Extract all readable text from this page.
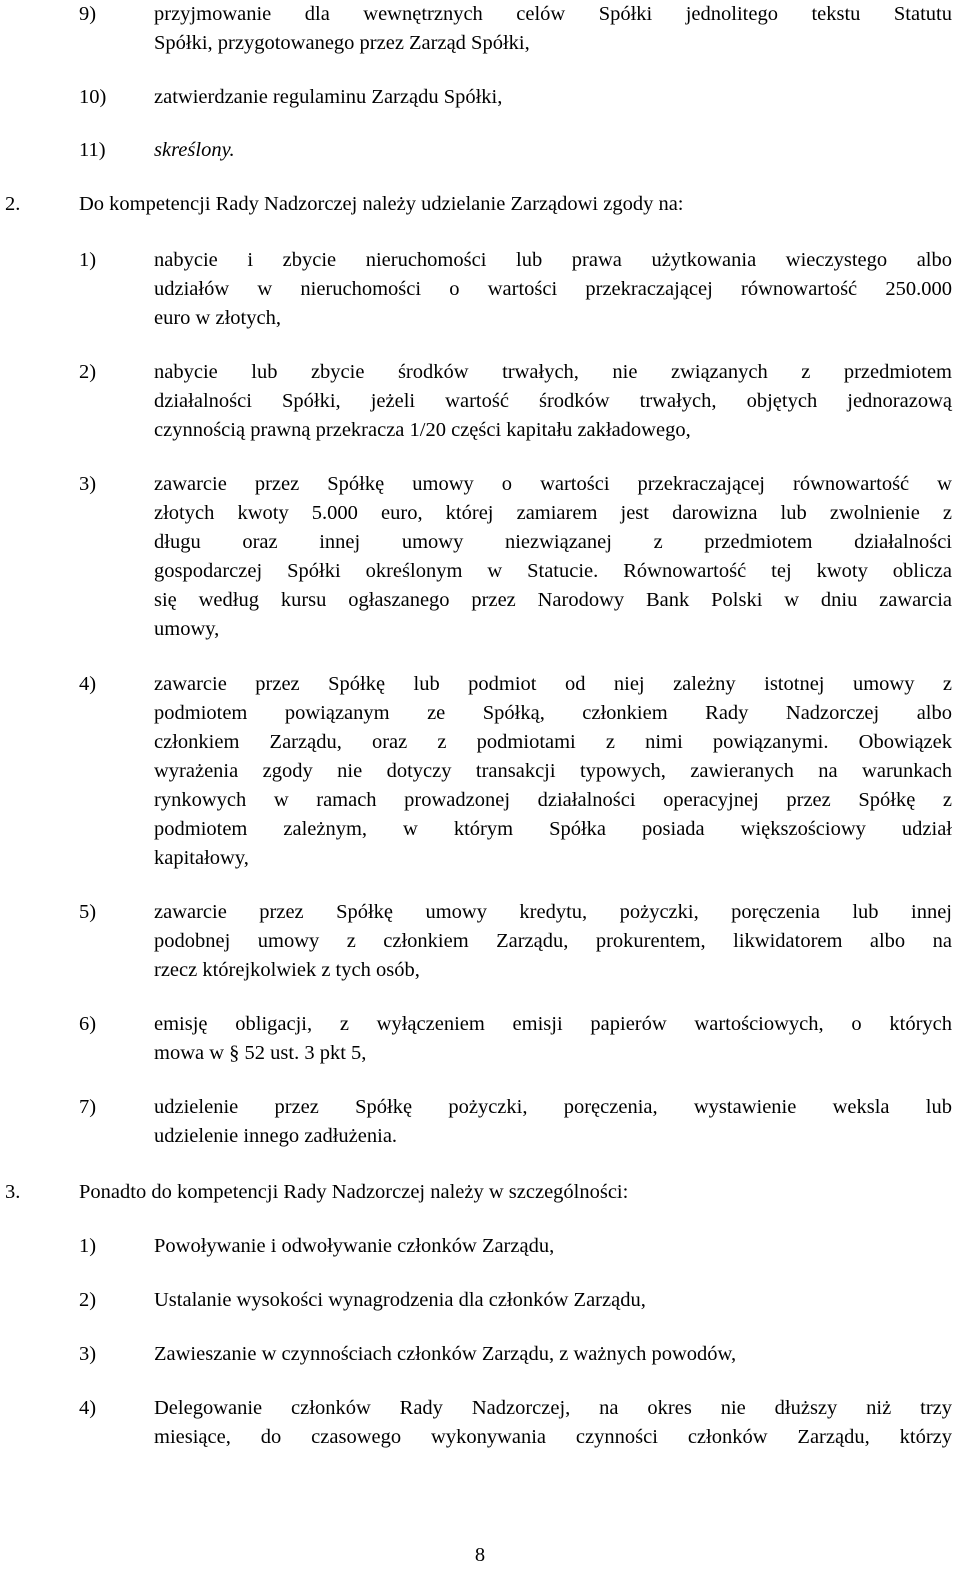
9)	przyjmowanie dla wewnętrznych celów Spółki jednolitego tekstu Statutu
Spółki, przygotowanego przez Zarząd Spółki,
10) zatwierdzanie regulaminu Zarządu Spółki,
11) skreślony.
2.	Do kompetencji Rady Nadzorczej należy udzielanie Zarządowi zgody na:
1)	nabycie i zbycie nieruchomości lub prawa użytkowania wieczystego albo
udziałów w nieruchomości o wartości przekraczającej równowartość 250.000
euro w złotych,
2)	nabycie lub zbycie środków trwałych, nie związanych z przedmiotem
działalności Spółki, jeżeli wartość środków trwałych, objętych jednorazową
czynnością prawną przekracza 1/20 części kapitału zakładowego,
3)	zawarcie przez Spółkę umowy o wartości przekraczającej równowartość w
złotych kwoty 5.000 euro, której zamiarem jest darowizna lub zwolnienie z
długu oraz innej umowy niezwiązanej z przedmiotem działalności
gospodarczej Spółki określonym w Statucie. Równowartość tej kwoty oblicza
się według kursu ogłaszanego przez Narodowy Bank Polski w dniu zawarcia
umowy,
4)	zawarcie przez Spółkę lub podmiot od niej zależny istotnej umowy z
podmiotem powiązanym ze Spółką, członkiem Rady Nadzorczej albo
członkiem Zarządu, oraz z podmiotami z nimi powiązanymi. Obowiązek
wyrażenia zgody nie dotyczy transakcji typowych, zawieranych na warunkach
rynkowych w ramach prowadzonej działalności operacyjnej przez Spółkę z
podmiotem zależnym, w którym Spółka posiada większościowy udział
kapitałowy,
5)	zawarcie przez Spółkę umowy kredytu, pożyczki, poręczenia lub innej
podobnej umowy z członkiem Zarządu, prokurentem, likwidatorem albo na
rzecz którejkolwiek z tych osób,
6)	emisję obligacji, z wyłączeniem emisji papierów wartościowych, o których
mowa w § 52 ust. 3 pkt 5,
7)	udzielenie przez Spółkę pożyczki, poręczenia, wystawienie weksla lub
udzielenie innego zadłużenia.
3.	Ponadto do kompetencji Rady Nadzorczej należy w szczególności:
1)	Powoływanie i odwoływanie członków Zarządu,
2)	Ustalanie wysokości wynagrodzenia dla członków Zarządu,
3)	Zawieszanie w czynnościach członków Zarządu, z ważnych powodów,
4)	Delegowanie członków Rady Nadzorczej, na okres nie dłuższy niż trzy
miesiące, do czasowego wykonywania czynności członków Zarządu, którzy
8
